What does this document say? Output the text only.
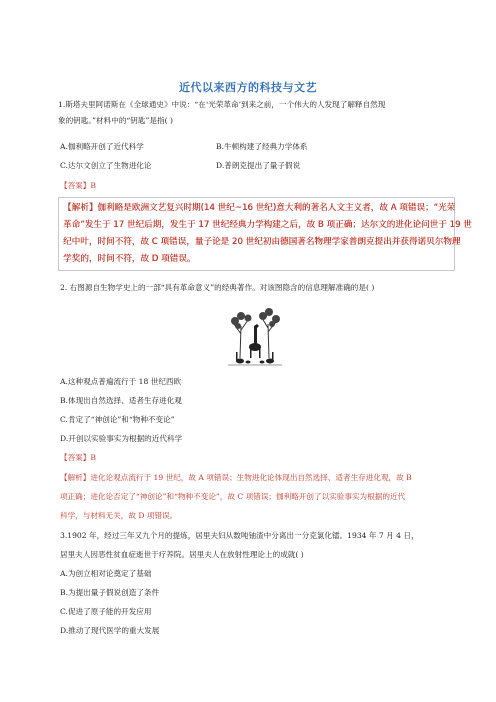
近代以来西方的科技与文艺
1.斯塔夫里阿诺斯在《全球通史》中说：“在‘光荣革命’到来之前，一个伟大的人发现了解释自然现
象的钥匙。”材料中的“钥匙”是指( )
A.伽利略开创了近代科学	B.牛顿构建了经典力学体系
C.达尔文创立了生物进化论	D.普朗克提出了量子假说
【答案】B
【解析】伽利略是欧洲文艺复兴时期(14 世纪~16 世纪)意大利的著名人文主义者，故 A 项错误；“光荣
革命”发生于 17 世纪后期，发生于 17 世纪经典力学构建之后，故 B 项正确；达尔文的进化论问世于 19 世
纪中叶，时间不符，故 C 项错误，量子论是 20 世纪初由德国著名物理学家普朗克提出并获得诺贝尔物理
学奖的，时间不符，故 D 项错误。
2. 右图源自生物学史上的一部“具有革命意义”的经典著作。对该图隐含的信息理解准确的是( )
A.这种观点普遍流行于 18 世纪西欧
B.体现出自然选择、适者生存进化观
C.肯定了“神创论”和“物种不变论”
D.开创以实验事实为根据的近代科学
【答案】B
【解析】进化论观点流行于 19 世纪，故 A 项错误；生物进化论体现出自然选择、适者生存进化观，故 B
项正确；进化论否定了“神创论”和“物种不变论”，故 C 项错误；伽利略开创了以实验事实为根据的近代
科学，与材料无关，故 D 项错误。
3.1902 年，经过三年又九个月的提炼，居里夫妇从数吨铀渣中分离出一分克氯化镭。1934 年 7 月 4 日，
居里夫人因恶性贫血症逝世于疗养院。居里夫人在放射性理论上的成就( )
A.为创立相对论奠定了基础
B.为提出量子假说创造了条件
C.促进了原子能的开发应用
D.推动了现代医学的重大发展
